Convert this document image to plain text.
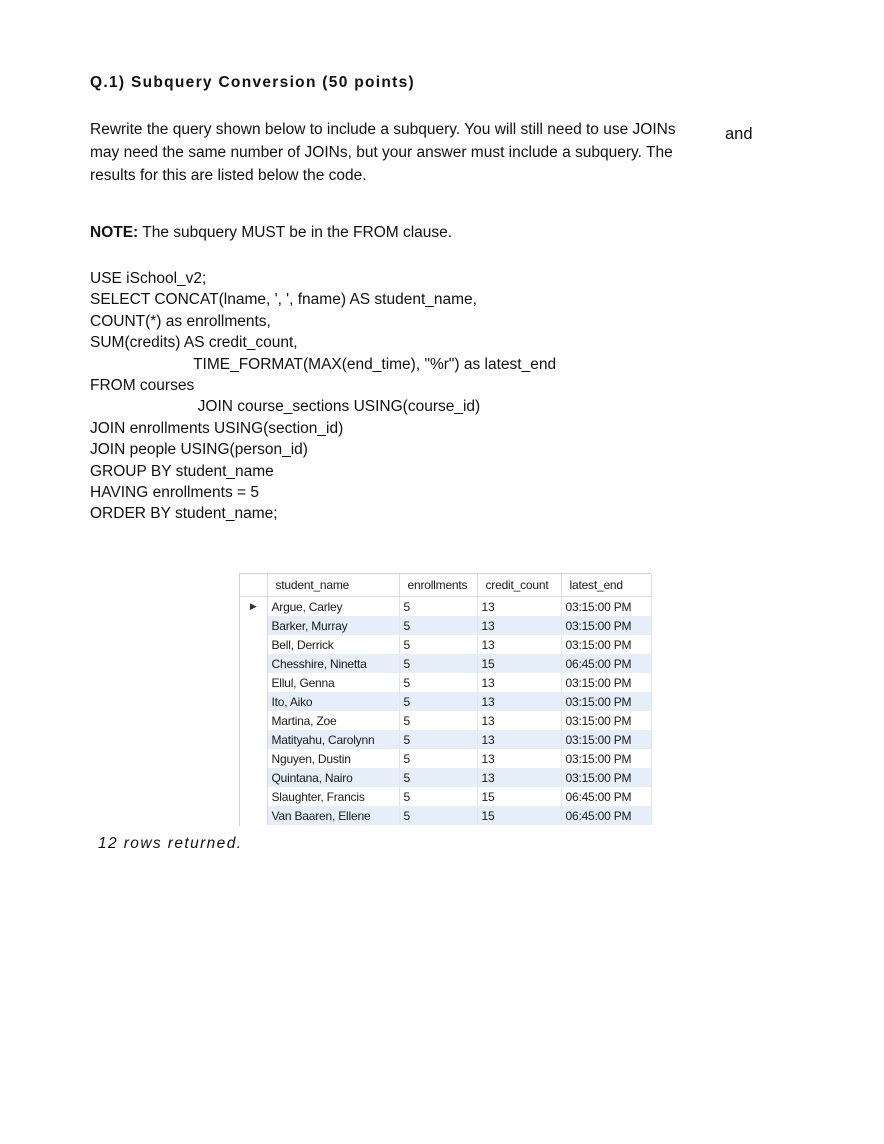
Q.1) Subquery Conversion (50 points)
Rewrite the query shown below to include a subquery. You will still need to use JOINs
may need the same number of JOINs, but your answer must include a subquery. The
results for this are listed below the code.
and
NOTE: The subquery MUST be in the FROM clause.
USE iSchool_v2;
SELECT CONCAT(lname, ', ', fname) AS student_name,
COUNT(*) as enrollments,
SUM(credits) AS credit_count,
TIME_FORMAT(MAX(end_time), "%r") as latest_end
FROM courses
JOIN course_sections USING(course_id)
JOIN enrollments USING(section_id)
JOIN people USING(person_id)
GROUP BY student_name
HAVING enrollments = 5
ORDER BY student_name;
	student_name	enrollments	credit_count	latest_end
▶	Argue, Carley	5	13	03:15:00 PM
	Barker, Murray	5	13	03:15:00 PM
	Bell, Derrick	5	13	03:15:00 PM
	Chesshire, Ninetta	5	15	06:45:00 PM
	Ellul, Genna	5	13	03:15:00 PM
	Ito, Aiko	5	13	03:15:00 PM
	Martina, Zoe	5	13	03:15:00 PM
	Matityahu, Carolynn	5	13	03:15:00 PM
	Nguyen, Dustin	5	13	03:15:00 PM
	Quintana, Nairo	5	13	03:15:00 PM
	Slaughter, Francis	5	15	06:45:00 PM
	Van Baaren, Ellene	5	15	06:45:00 PM
12 rows returned.
